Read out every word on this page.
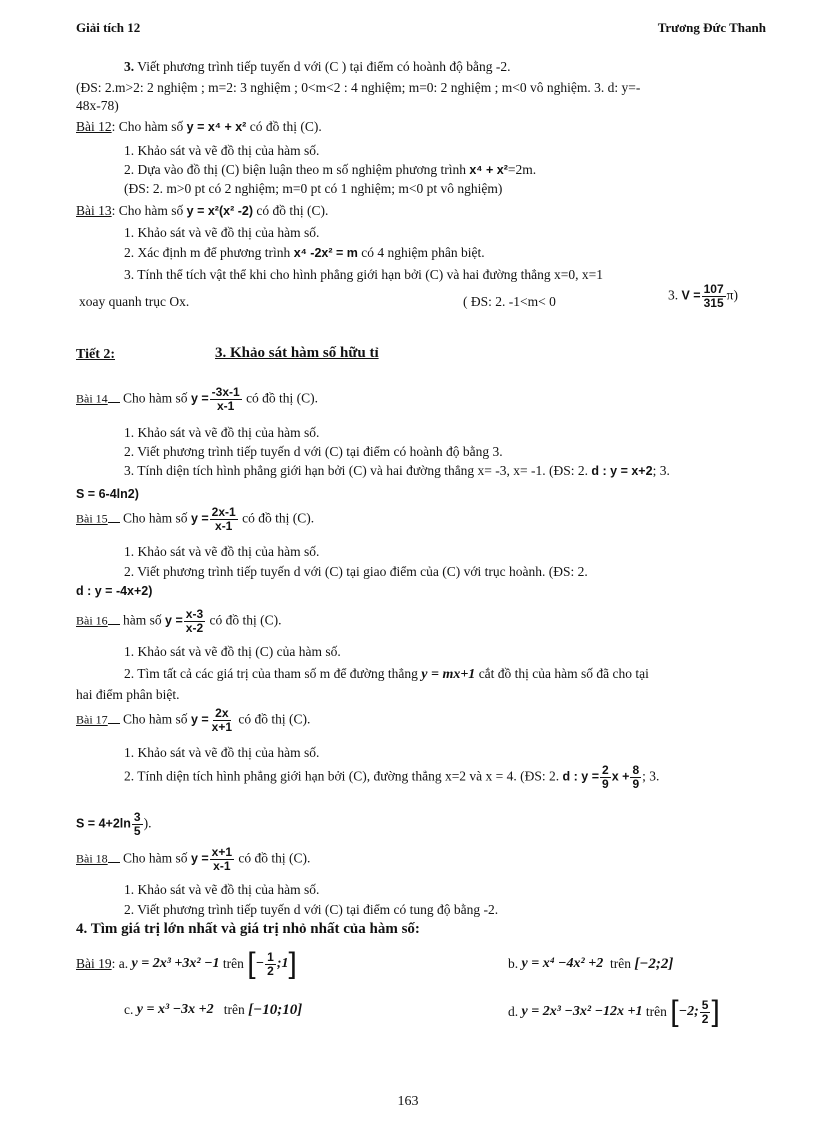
Giải tích 12	Trương Đức Thanh
3. Viết phương trình tiếp tuyến d với (C ) tại điểm có hoành độ bằng -2.
(ĐS: 2.m>2: 2 nghiệm ; m=2: 3 nghiệm ; 0<m<2 : 4 nghiệm; m=0: 2 nghiệm ; m<0 vô nghiệm. 3. d: y=-
48x-78)
Bài 12: Cho hàm số y = x⁴ + x² có đồ thị (C).
1. Khảo sát và vẽ đồ thị của hàm số.
2. Dựa vào đồ thị (C) biện luận theo m số nghiệm phương trình x⁴ + x²=2m.
(ĐS: 2. m>0 pt có 2 nghiệm; m=0 pt có 1 nghiệm; m<0 pt vô nghiệm)
Bài 13: Cho hàm số y = x²(x² -2) có đồ thị (C).
1. Khảo sát và vẽ đồ thị của hàm số.
2. Xác định m để phương trình x⁴ -2x² = m có 4 nghiệm phân biệt.
3. Tính thể tích vật thể khi cho hình phẳng giới hạn bởi (C) và hai đường thẳng x=0, x=1
xoay quanh trục Ox.	( ĐS: 2. -1<m< 0	3. $V = \frac{107}{315} \pi$)
Tiết 2:	3. Khảo sát hàm số hữu tỉ
Bài 14 Cho hàm số $y = \frac{-3x-1}{x-1}$ có đồ thị (C).
1. Khảo sát và vẽ đồ thị của hàm số.
2. Viết phương trình tiếp tuyến d với (C) tại điểm có hoành độ bằng 3.
3. Tính diện tích hình phẳng giới hạn bởi (C) và hai đường thẳng x= -3, x= -1. (ĐS: 2. d : y = x+2; 3.
S = 6-4ln2)
Bài 15 Cho hàm số $y = \frac{2x-1}{x-1}$ có đồ thị (C).
1. Khảo sát và vẽ đồ thị của hàm số.
2. Viết phương trình tiếp tuyến d với (C) tại giao điểm của (C) với trục hoành. (ĐS: 2.
d : y = -4x+2)
Bài 16 hàm số $y = \frac{x-3}{x-2}$ có đồ thị (C).
1. Khảo sát và vẽ đồ thị (C) của hàm số.
2. Tìm tất cả các giá trị của tham số m để đường thẳng y = mx+1 cắt đồ thị của hàm số đã cho tại
hai điểm phân biệt.
Bài 17 Cho hàm số $y = \frac{2x}{x+1}$ có đồ thị (C).
1. Khảo sát và vẽ đồ thị của hàm số.
2. Tính diện tích hình phẳng giới hạn bởi (C), đường thẳng x=2 và x = 4. (ĐS: 2. d : $y = \frac{2}{9}$ $x + \frac{8}{9}$ ; 3.
$S = 4+2\ln \frac{3}{5}$ ).
Bài 18 Cho hàm số $y = \frac{x+1}{x-1}$ có đồ thị (C).
1. Khảo sát và vẽ đồ thị của hàm số.
2. Viết phương trình tiếp tuyến d với (C) tại điểm có tung độ bằng -2.
4. Tìm giá trị lớn nhất và giá trị nhỏ nhất của hàm số:
Bài 19 : a.
y = 2x³ +3x² −1
trên
[ − $\frac{1}{2}$ ;1 ]	b.
y = x⁴ −4x² +2
trên
[−2;2]
c.
y = x³ −3x +2
trên
[−10;10]	d.
y = 2x³ −3x² −12x +1
trên
[ −2; $\frac{5}{2}$ ]
163
